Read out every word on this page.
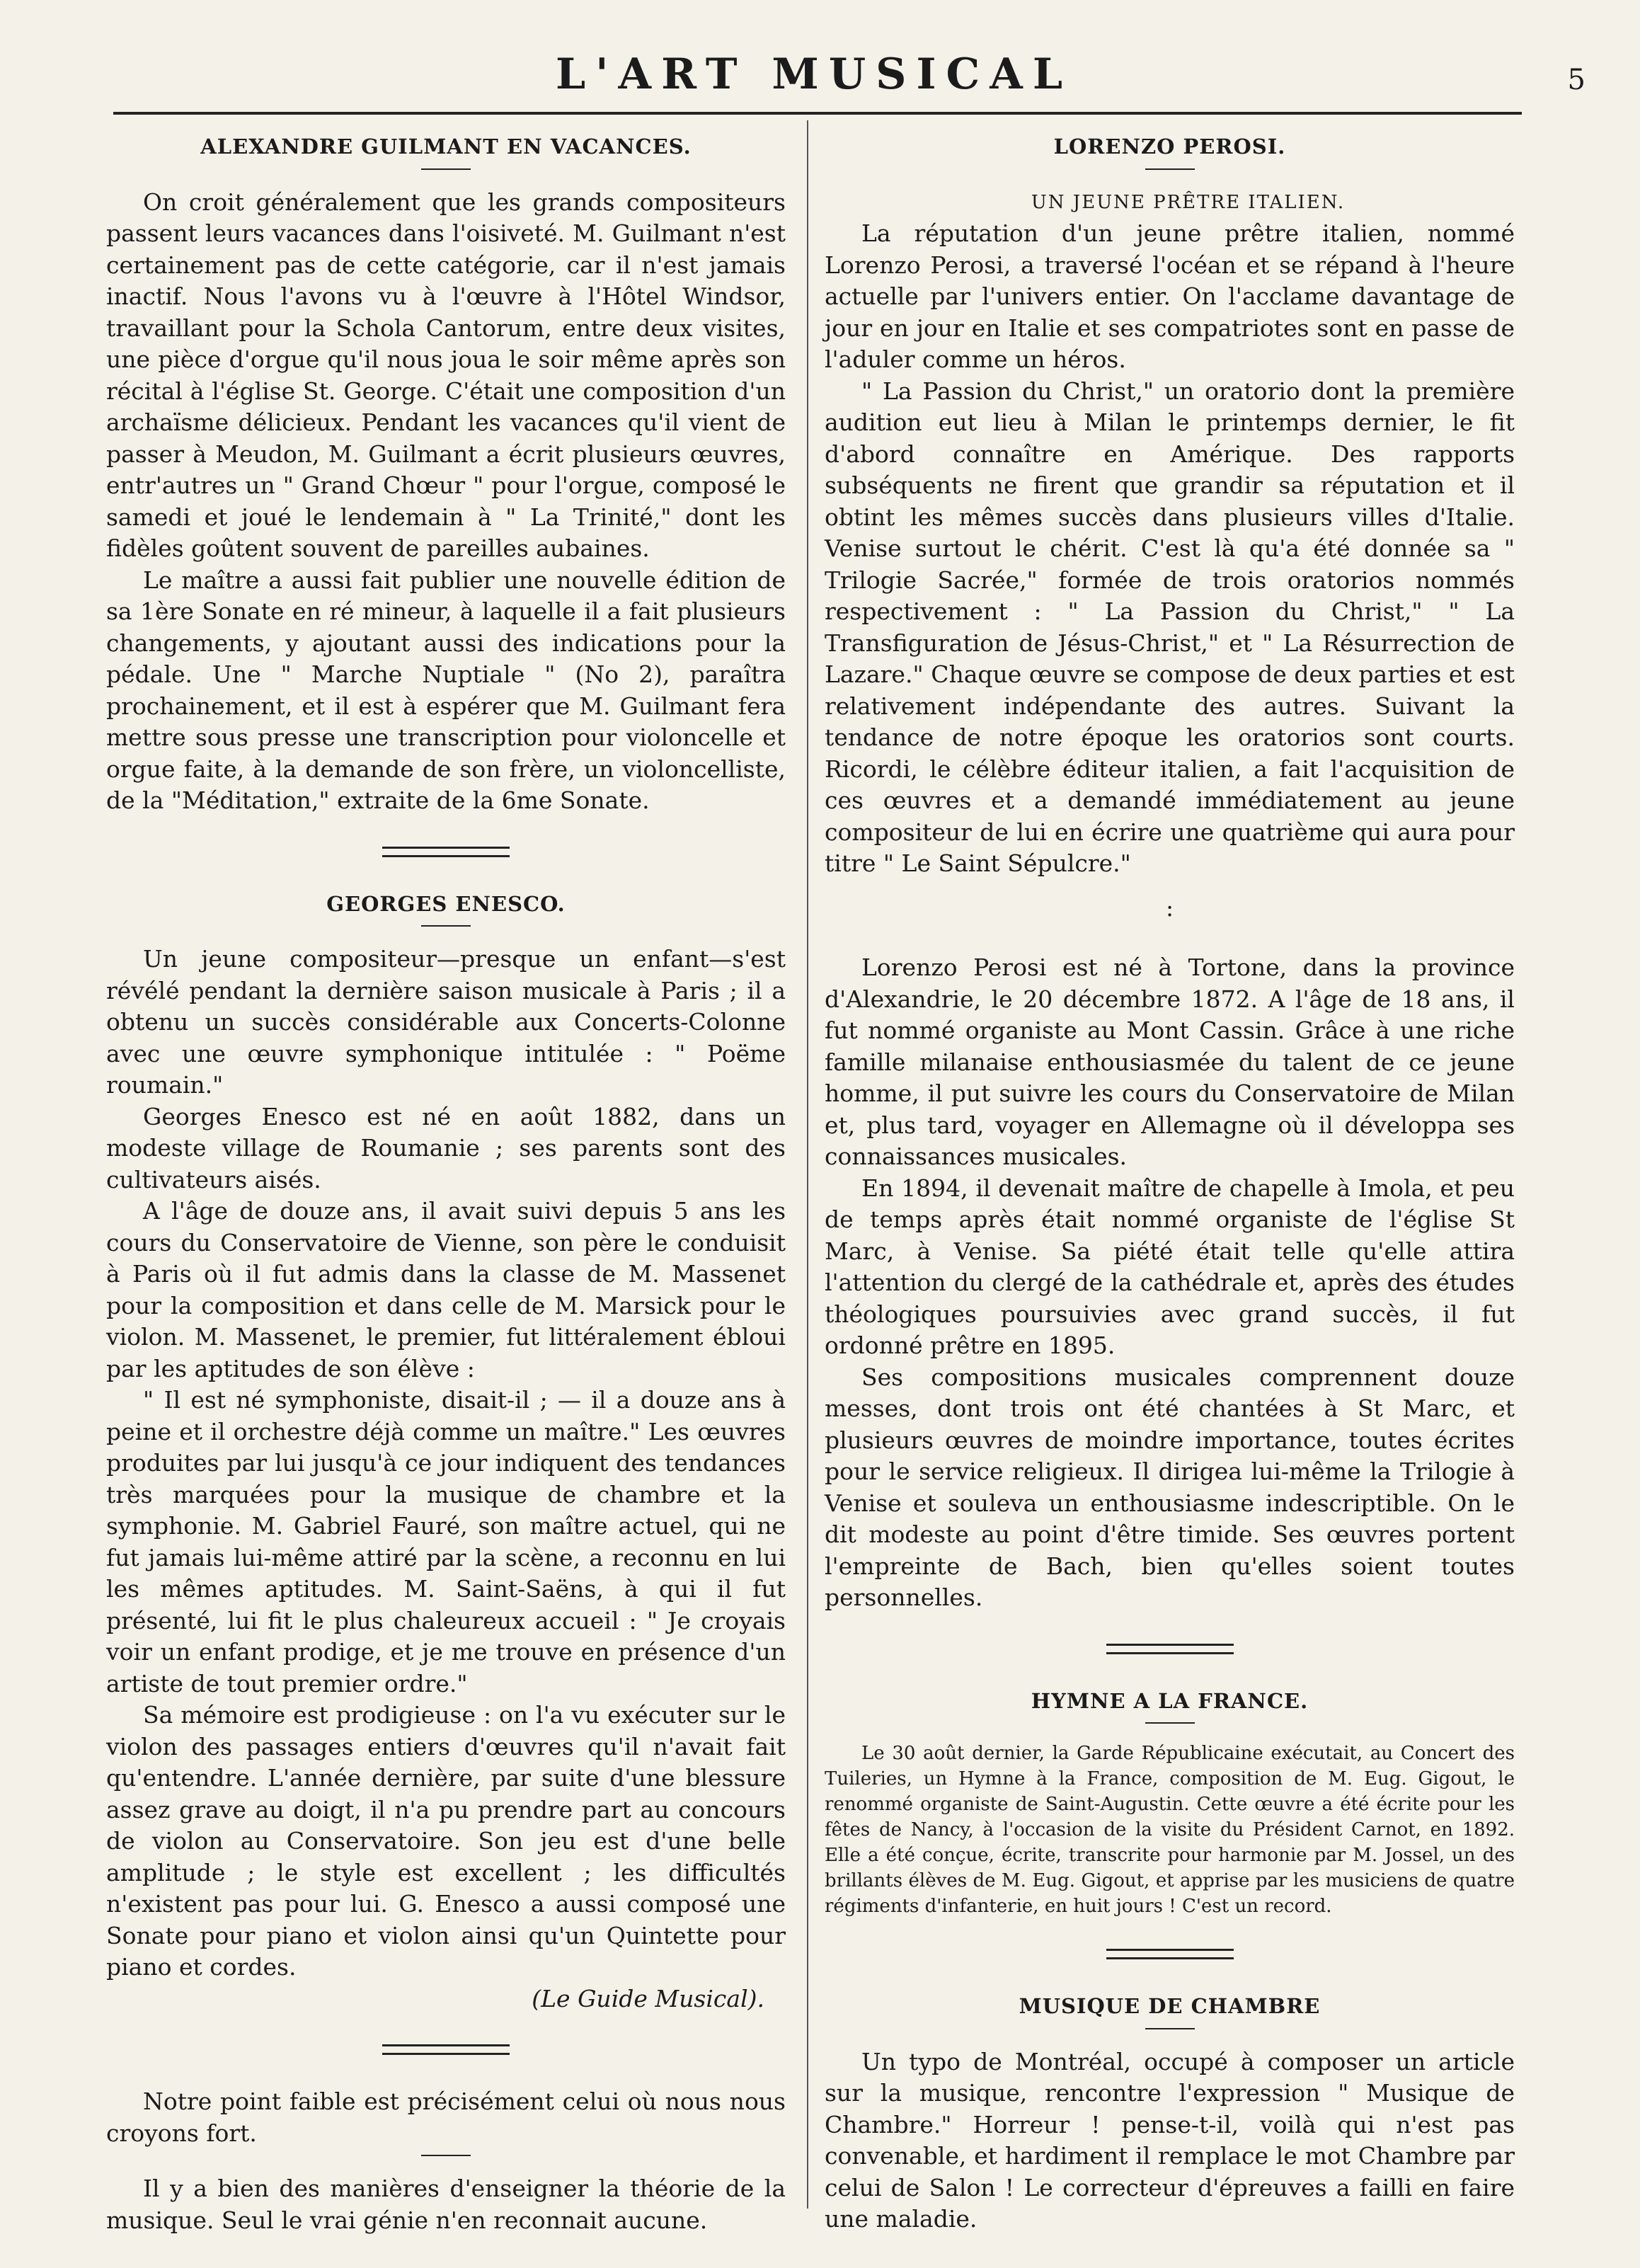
L'ART MUSICAL	5

ALEXANDRE GUILMANT EN VACANCES.

On croit généralement que les grands compositeurs passent leurs vacances dans l'oisiveté. M. Guilmant n'est certainement pas de cette catégorie, car il n'est jamais inactif. Nous l'avons vu à l'œuvre à l'Hôtel Windsor, travaillant pour la Schola Cantorum, entre deux visites, une pièce d'orgue qu'il nous joua le soir même après son récital à l'église St. George. C'était une composition d'un archaïsme délicieux. Pendant les vacances qu'il vient de passer à Meudon, M. Guilmant a écrit plusieurs œuvres, entr'autres un " Grand Chœur " pour l'orgue, composé le samedi et joué le lendemain à " La Trinité," dont les fidèles goûtent souvent de pareilles aubaines.

Le maître a aussi fait publier une nouvelle édition de sa 1ère Sonate en ré mineur, à laquelle il a fait plusieurs changements, y ajoutant aussi des indications pour la pédale. Une " Marche Nuptiale " (No 2), paraîtra prochainement, et il est à espérer que M. Guilmant fera mettre sous presse une transcription pour violoncelle et orgue faite, à la demande de son frère, un violoncelliste, de la "Méditation," extraite de la 6me Sonate.

GEORGES ENESCO.

Un jeune compositeur—presque un enfant—s'est révélé pendant la dernière saison musicale à Paris ; il a obtenu un succès considérable aux Concerts-Colonne avec une œuvre symphonique intitulée : " Poëme roumain."

Georges Enesco est né en août 1882, dans un modeste village de Roumanie ; ses parents sont des cultivateurs aisés.

A l'âge de douze ans, il avait suivi depuis 5 ans les cours du Conservatoire de Vienne, son père le conduisit à Paris où il fut admis dans la classe de M. Massenet pour la composition et dans celle de M. Marsick pour le violon. M. Massenet, le premier, fut littéralement ébloui par les aptitudes de son élève :

" Il est né symphoniste, disait-il ; — il a douze ans à peine et il orchestre déjà comme un maître." Les œuvres produites par lui jusqu'à ce jour indiquent des tendances très marquées pour la musique de chambre et la symphonie. M. Gabriel Fauré, son maître actuel, qui ne fut jamais lui-même attiré par la scène, a reconnu en lui les mêmes aptitudes. M. Saint-Saëns, à qui il fut présenté, lui fit le plus chaleureux accueil : " Je croyais voir un enfant prodige, et je me trouve en présence d'un artiste de tout premier ordre."

Sa mémoire est prodigieuse : on l'a vu exécuter sur le violon des passages entiers d'œuvres qu'il n'avait fait qu'entendre. L'année dernière, par suite d'une blessure assez grave au doigt, il n'a pu prendre part au concours de violon au Conservatoire. Son jeu est d'une belle amplitude ; le style est excellent ; les difficultés n'existent pas pour lui. G. Enesco a aussi composé une Sonate pour piano et violon ainsi qu'un Quintette pour piano et cordes.

(Le Guide Musical).

Notre point faible est précisément celui où nous nous croyons fort.

Il y a bien des manières d'enseigner la théorie de la musique. Seul le vrai génie n'en reconnait aucune.

LORENZO PEROSI.

UN JEUNE PRÊTRE ITALIEN.

La réputation d'un jeune prêtre italien, nommé Lorenzo Perosi, a traversé l'océan et se répand à l'heure actuelle par l'univers entier. On l'acclame davantage de jour en jour en Italie et ses compatriotes sont en passe de l'aduler comme un héros.

" La Passion du Christ," un oratorio dont la première audition eut lieu à Milan le printemps dernier, le fit d'abord connaître en Amérique. Des rapports subséquents ne firent que grandir sa réputation et il obtint les mêmes succès dans plusieurs villes d'Italie. Venise surtout le chérit. C'est là qu'a été donnée sa " Trilogie Sacrée," formée de trois oratorios nommés respectivement : " La Passion du Christ," " La Transfiguration de Jésus-Christ," et " La Résurrection de Lazare." Chaque œuvre se compose de deux parties et est relativement indépendante des autres. Suivant la tendance de notre époque les oratorios sont courts. Ricordi, le célèbre éditeur italien, a fait l'acquisition de ces œuvres et a demandé immédiatement au jeune compositeur de lui en écrire une quatrième qui aura pour titre " Le Saint Sépulcre."

:

Lorenzo Perosi est né à Tortone, dans la province d'Alexandrie, le 20 décembre 1872. A l'âge de 18 ans, il fut nommé organiste au Mont Cassin. Grâce à une riche famille milanaise enthousiasmée du talent de ce jeune homme, il put suivre les cours du Conservatoire de Milan et, plus tard, voyager en Allemagne où il développa ses connaissances musicales.

En 1894, il devenait maître de chapelle à Imola, et peu de temps après était nommé organiste de l'église St Marc, à Venise. Sa piété était telle qu'elle attira l'attention du clergé de la cathédrale et, après des études théologiques poursuivies avec grand succès, il fut ordonné prêtre en 1895.

Ses compositions musicales comprennent douze messes, dont trois ont été chantées à St Marc, et plusieurs œuvres de moindre importance, toutes écrites pour le service religieux. Il dirigea lui-même la Trilogie à Venise et souleva un enthousiasme indescriptible. On le dit modeste au point d'être timide. Ses œuvres portent l'empreinte de Bach, bien qu'elles soient toutes personnelles.

HYMNE A LA FRANCE.

Le 30 août dernier, la Garde Républicaine exécutait, au Concert des Tuileries, un Hymne à la France, composition de M. Eug. Gigout, le renommé organiste de Saint-Augustin. Cette œuvre a été écrite pour les fêtes de Nancy, à l'occasion de la visite du Président Carnot, en 1892. Elle a été conçue, écrite, transcrite pour harmonie par M. Jossel, un des brillants élèves de M. Eug. Gigout, et apprise par les musiciens de quatre régiments d'infanterie, en huit jours ! C'est un record.

MUSIQUE DE CHAMBRE

Un typo de Montréal, occupé à composer un article sur la musique, rencontre l'expression " Musique de Chambre." Horreur ! pense-t-il, voilà qui n'est pas convenable, et hardiment il remplace le mot Chambre par celui de Salon ! Le correcteur d'épreuves a failli en faire une maladie.
